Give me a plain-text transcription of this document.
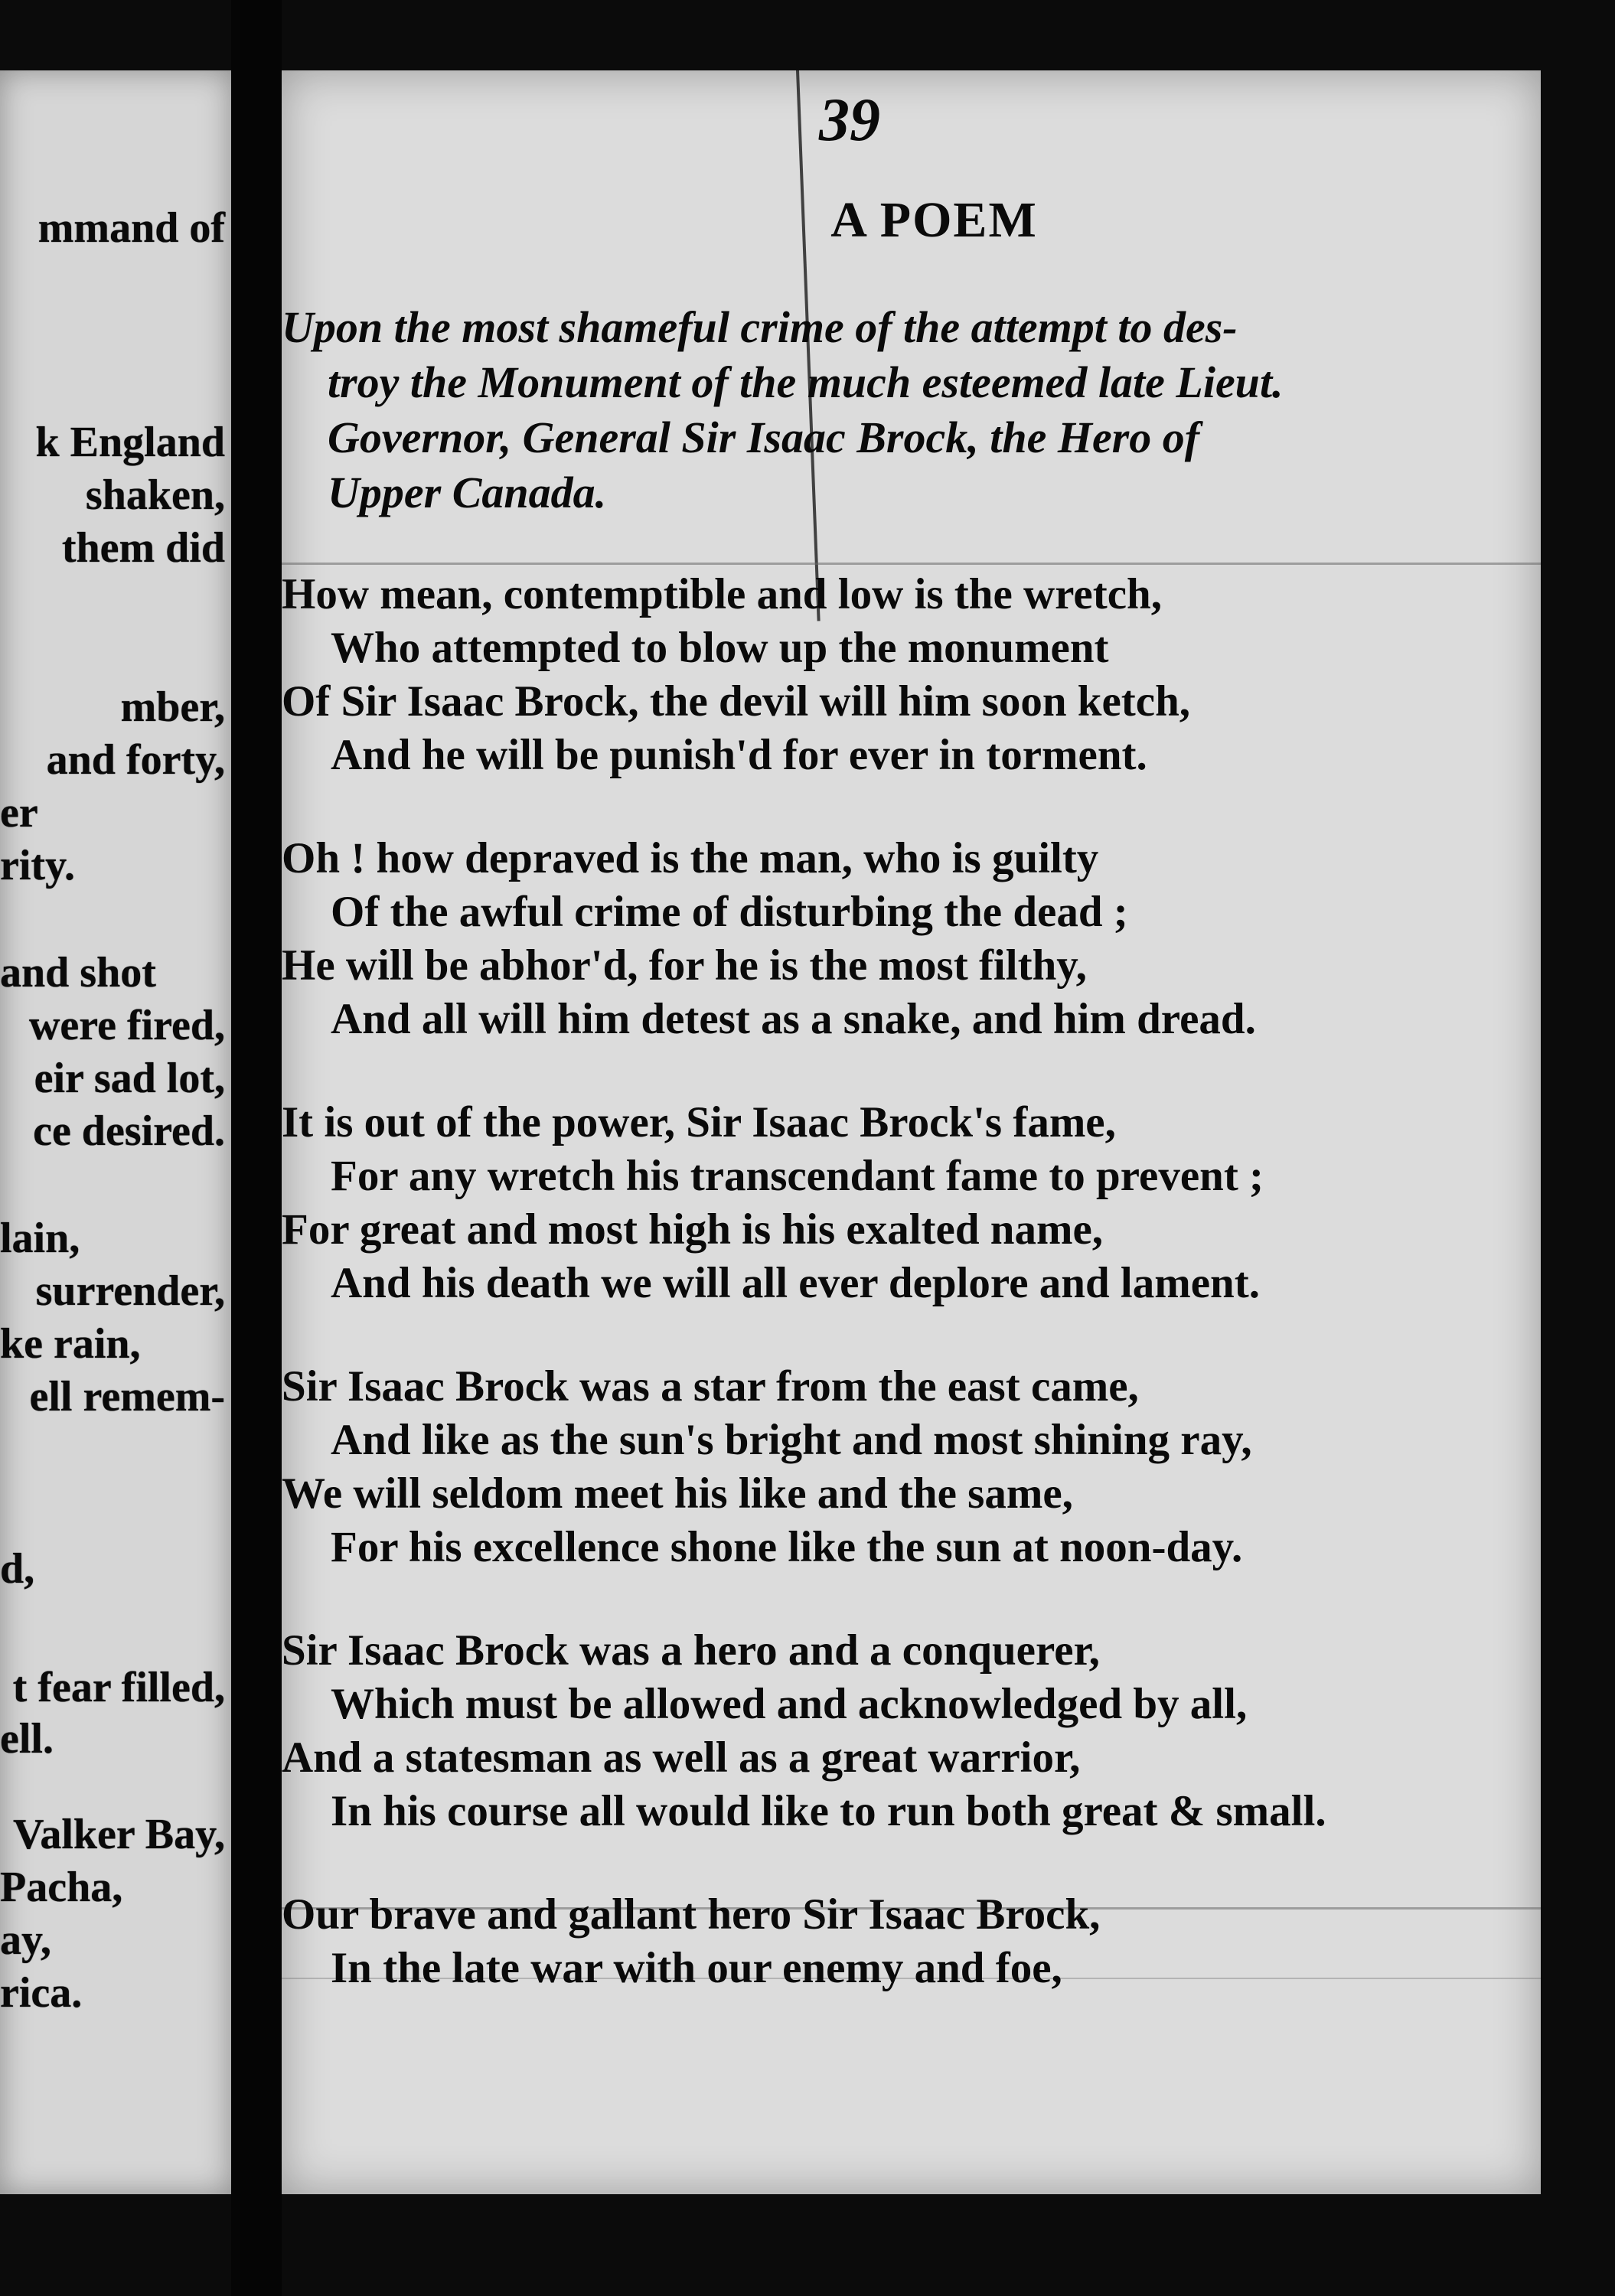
mmand of
k England
shaken,
them did
mber,
and forty,
er
rity.
and shot
were fired,
eir sad lot,
ce desired.
lain,
surrender,
ke rain,
ell remem-
d,
t fear filled,
ell.
Valker Bay,
Pacha,
ay,
rica.
39
A POEM
Upon the most shameful crime of the attempt to des-
troy the Monument of the much esteemed late Lieut.
Governor, General Sir Isaac Brock, the Hero of
Upper Canada.
How mean, contemptible and low is the wretch,
Who attempted to blow up the monument
Of Sir Isaac Brock, the devil will him soon ketch,
And he will be punish'd for ever in torment.
Oh ! how depraved is the man, who is guilty
Of the awful crime of disturbing the dead ;
He will be abhor'd, for he is the most filthy,
And all will him detest as a snake, and him dread.
It is out of the power, Sir Isaac Brock's fame,
For any wretch his transcendant fame to prevent ;
For great and most high is his exalted name,
And his death we will all ever deplore and lament.
Sir Isaac Brock was a star from the east came,
And like as the sun's bright and most shining ray,
We will seldom meet his like and the same,
For his excellence shone like the sun at noon-day.
Sir Isaac Brock was a hero and a conquerer,
Which must be allowed and acknowledged by all,
And a statesman as well as a great warrior,
In his course all would like to run both great & small.
Our brave and gallant hero Sir Isaac Brock,
In the late war with our enemy and foe,
